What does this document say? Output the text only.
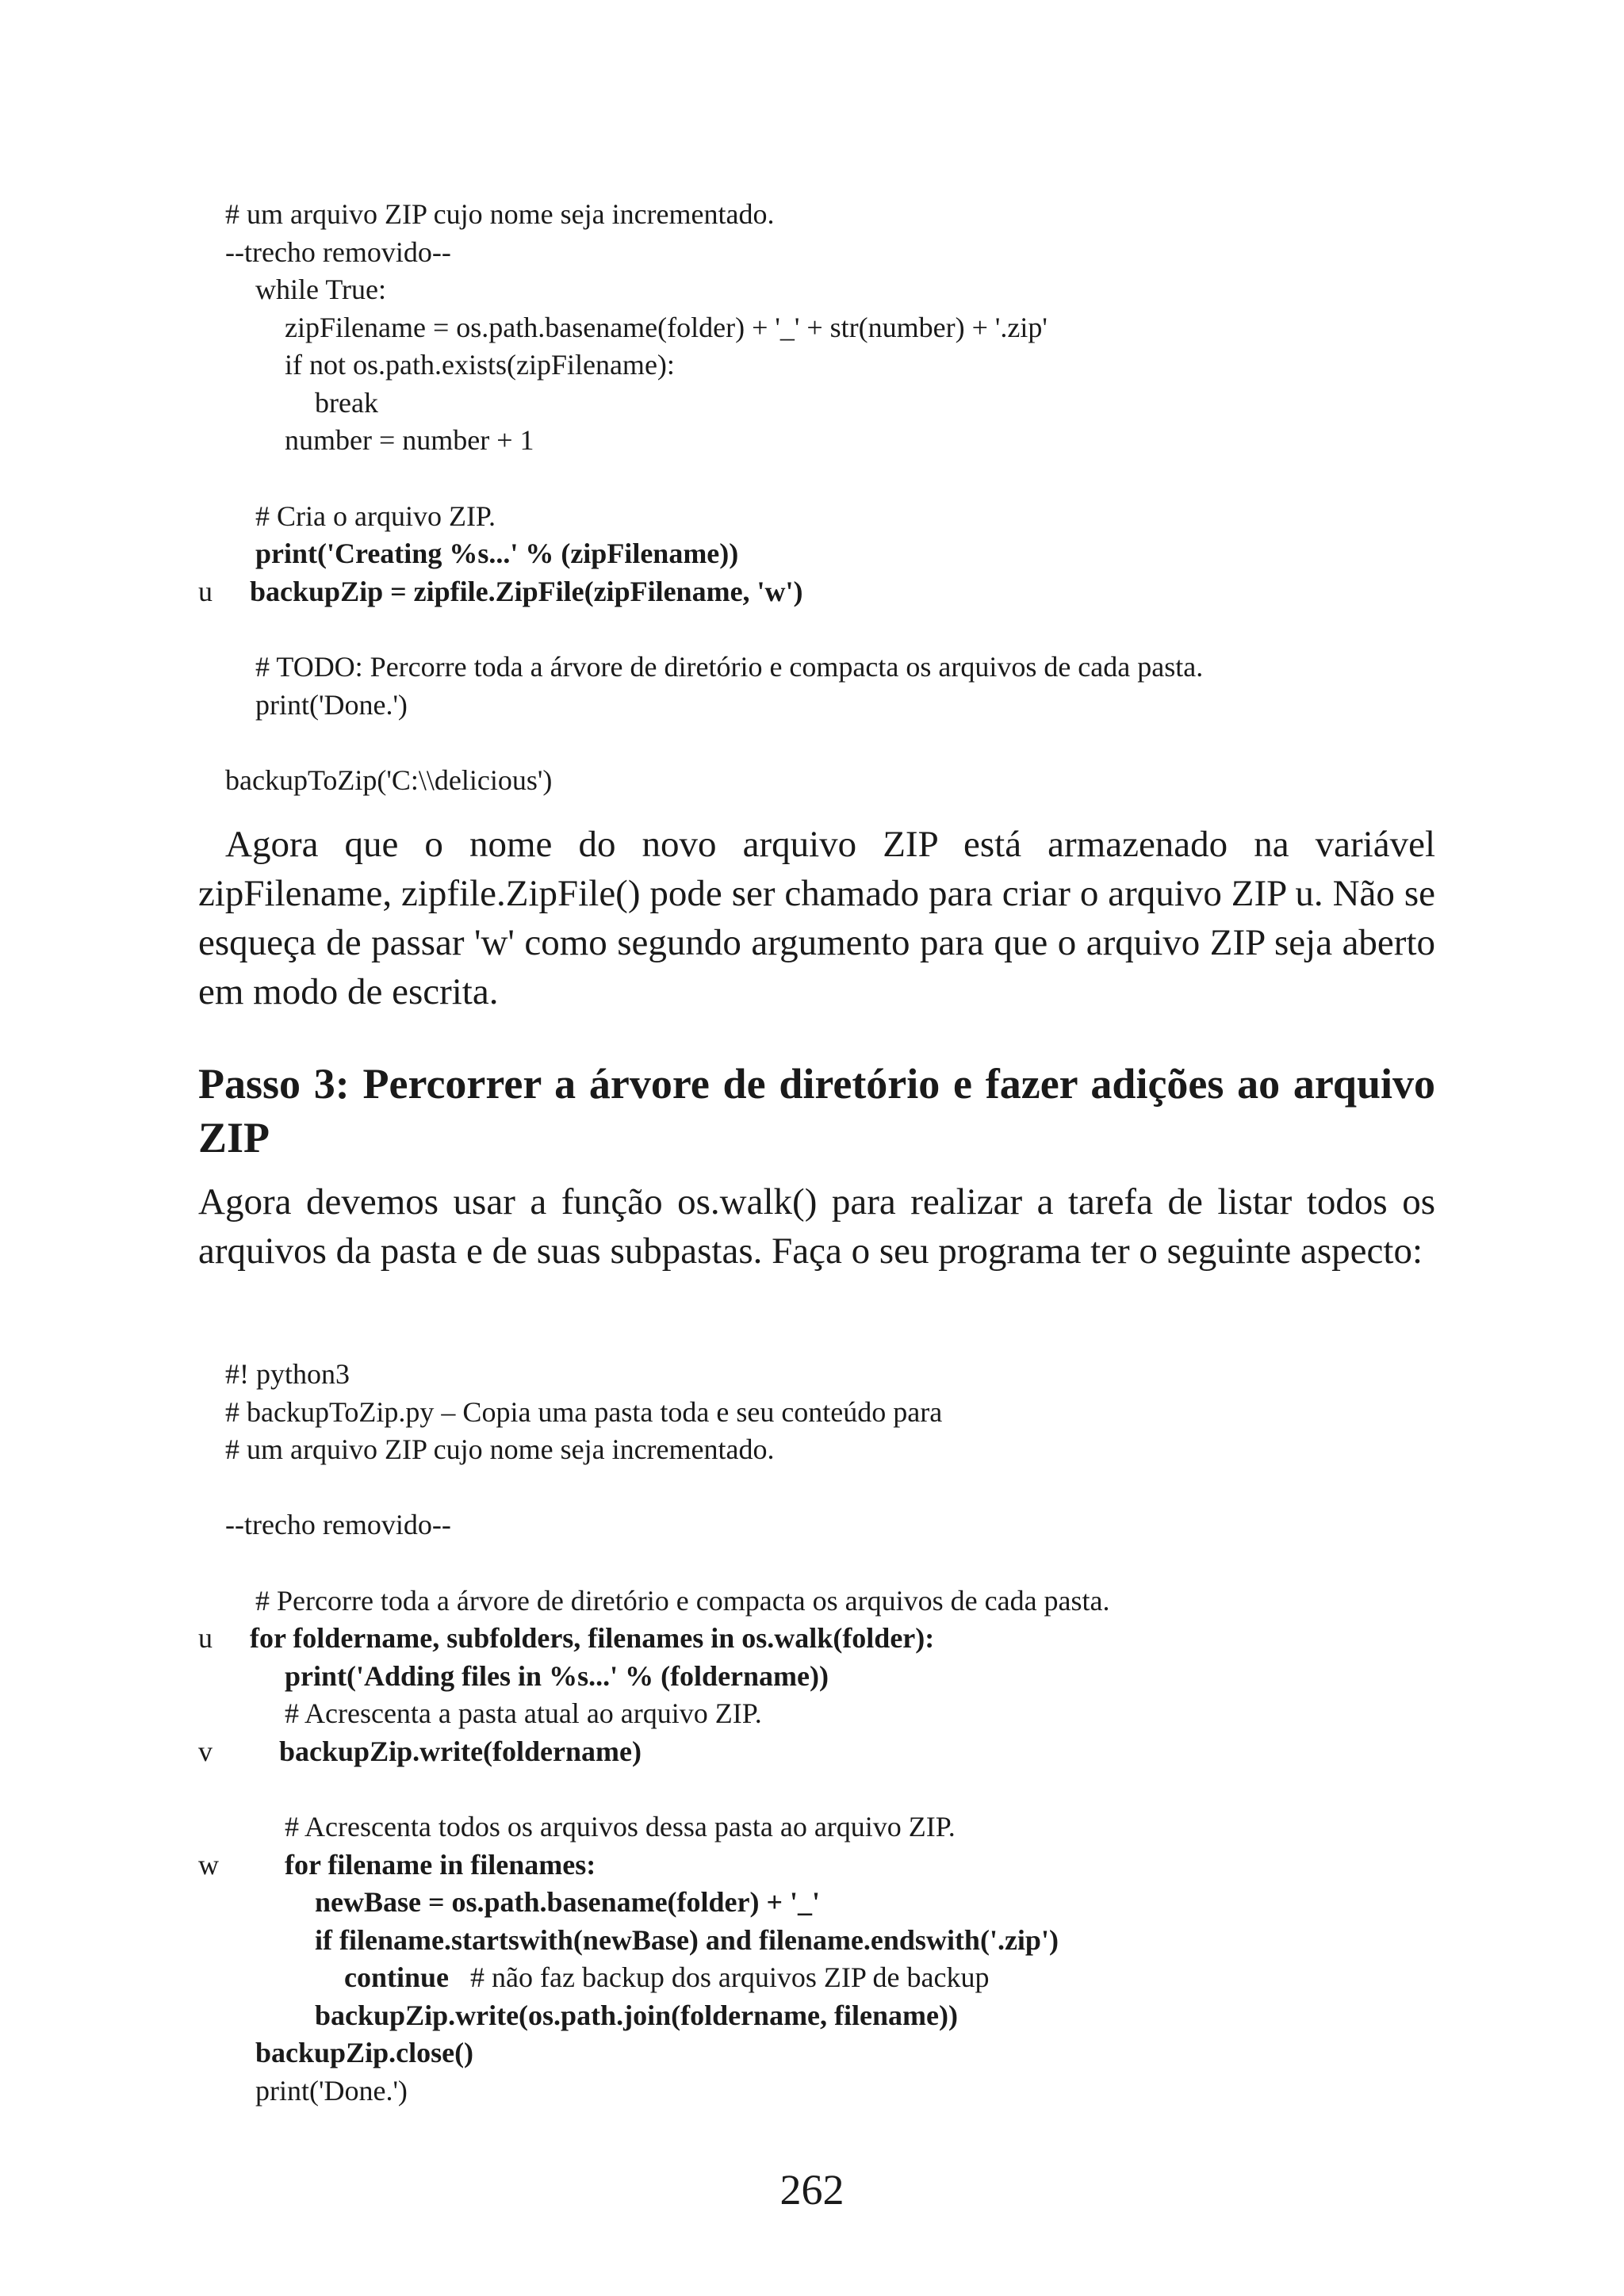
# um arquivo ZIP cujo nome seja incrementado.
--trecho removido--
while True:
zipFilename = os.path.basename(folder) + '_' + str(number) + '.zip'
if not os.path.exists(zipFilename):
break
number = number + 1
# Cria o arquivo ZIP.
print('Creating %s...' % (zipFilename))
u backupZip = zipfile.ZipFile(zipFilename, 'w')
# TODO: Percorre toda a árvore de diretório e compacta os arquivos de cada pasta.
print('Done.')
backupToZip('C:\\delicious')

Agora que o nome do novo arquivo ZIP está armazenado na variável zipFilename, zipfile.ZipFile() pode ser chamado para criar o arquivo ZIP u. Não se esqueça de passar 'w' como segundo argumento para que o arquivo ZIP seja aberto em modo de escrita.

Passo 3: Percorrer a árvore de diretório e fazer adições ao arquivo ZIP

Agora devemos usar a função os.walk() para realizar a tarefa de listar todos os arquivos da pasta e de suas subpastas. Faça o seu programa ter o seguinte aspecto:

#! python3
# backupToZip.py – Copia uma pasta toda e seu conteúdo para
# um arquivo ZIP cujo nome seja incrementado.
--trecho removido--
# Percorre toda a árvore de diretório e compacta os arquivos de cada pasta.
u for foldername, subfolders, filenames in os.walk(folder):
print('Adding files in %s...' % (foldername))
# Acrescenta a pasta atual ao arquivo ZIP.
v backupZip.write(foldername)
# Acrescenta todos os arquivos dessa pasta ao arquivo ZIP.
w for filename in filenames:
newBase = os.path.basename(folder) + '_'
if filename.startswith(newBase) and filename.endswith('.zip')
continue   # não faz backup dos arquivos ZIP de backup
backupZip.write(os.path.join(foldername, filename))
backupZip.close()
print('Done.')
262
